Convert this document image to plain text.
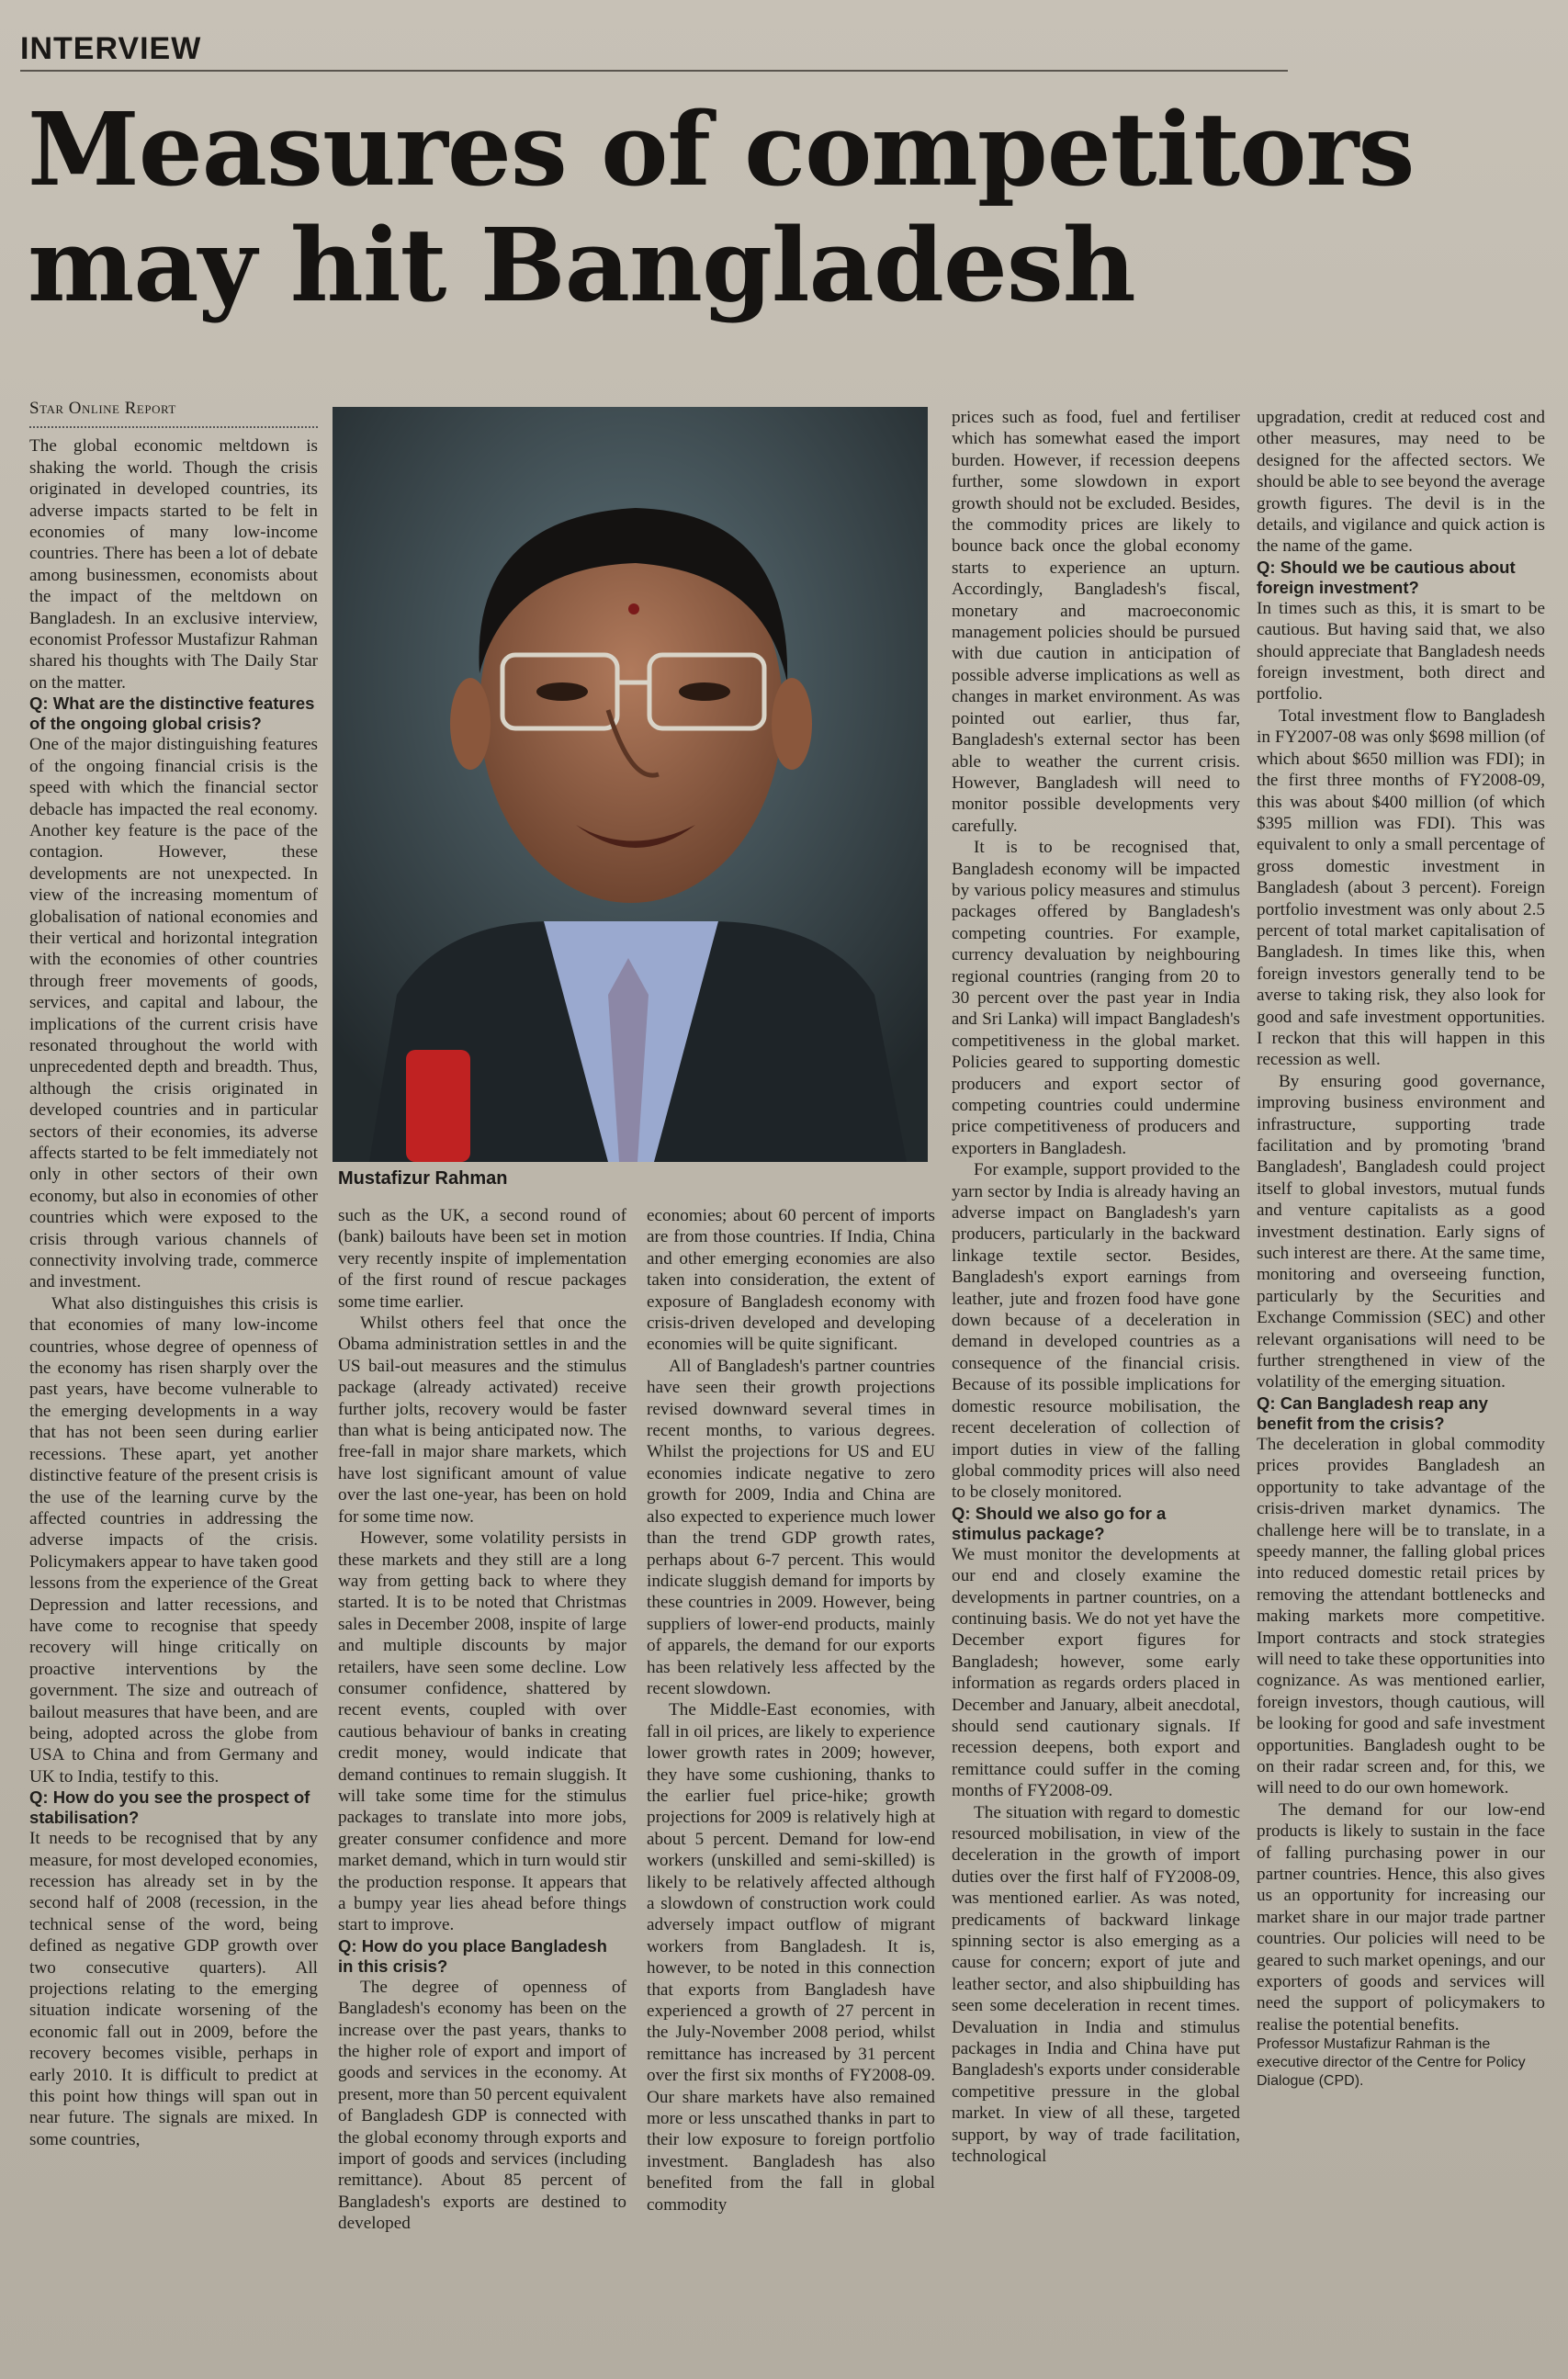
INTERVIEW
Measures of competitors
may hit Bangladesh
Star Online Report

The global economic meltdown is shaking the world. Though the crisis originated in developed countries, its adverse impacts started to be felt in economies of many low-income countries. There has been a lot of debate among businessmen, economists about the impact of the meltdown on Bangladesh. In an exclusive interview, economist Professor Mustafizur Rahman shared his thoughts with The Daily Star on the matter.

Q: What are the distinctive features of the ongoing global crisis?

One of the major distinguishing features of the ongoing financial crisis is the speed with which the financial sector debacle has impacted the real economy. Another key feature is the pace of the contagion. However, these developments are not unexpected. In view of the increasing momentum of globalisation of national economies and their vertical and horizontal integration with the economies of other countries through freer movements of goods, services, and capital and labour, the implications of the current crisis have resonated throughout the world with unprecedented depth and breadth. Thus, although the crisis originated in developed countries and in particular sectors of their economies, its adverse affects started to be felt immediately not only in other sectors of their own economy, but also in economies of other countries which were exposed to the crisis through various channels of connectivity involving trade, commerce and investment.

What also distinguishes this crisis is that economies of many low-income countries, whose degree of openness of the economy has risen sharply over the past years, have become vulnerable to the emerging developments in a way that has not been seen during earlier recessions. These apart, yet another distinctive feature of the present crisis is the use of the learning curve by the affected countries in addressing the adverse impacts of the crisis. Policymakers appear to have taken good lessons from the experience of the Great Depression and latter recessions, and have come to recognise that speedy recovery will hinge critically on proactive interventions by the government. The size and outreach of bailout measures that have been, and are being, adopted across the globe from USA to China and from Germany and UK to India, testify to this.

Q: How do you see the prospect of stabilisation?

It needs to be recognised that by any measure, for most developed economies, recession has already set in by the second half of 2008 (recession, in the technical sense of the word, being defined as negative GDP growth over two consecutive quarters). All projections relating to the emerging situation indicate worsening of the economic fall out in 2009, before the recovery becomes visible, perhaps in early 2010. It is difficult to predict at this point how things will span out in near future. The signals are mixed. In some countries,

Mustafizur Rahman

such as the UK, a second round of (bank) bailouts have been set in motion very recently inspite of implementation of the first round of rescue packages some time earlier.

Whilst others feel that once the Obama administration settles in and the US bail-out measures and the stimulus package (already activated) receive further jolts, recovery would be faster than what is being anticipated now. The free-fall in major share markets, which have lost significant amount of value over the last one-year, has been on hold for some time now.

However, some volatility persists in these markets and they still are a long way from getting back to where they started. It is to be noted that Christmas sales in December 2008, inspite of large and multiple discounts by major retailers, have seen some decline. Low consumer confidence, shattered by recent events, coupled with over cautious behaviour of banks in creating credit money, would indicate that demand continues to remain sluggish. It will take some time for the stimulus packages to translate into more jobs, greater consumer confidence and more market demand, which in turn would stir the production response. It appears that a bumpy year lies ahead before things start to improve.

Q: How do you place Bangladesh in this crisis?

The degree of openness of Bangladesh's economy has been on the increase over the past years, thanks to the higher role of export and import of goods and services in the economy. At present, more than 50 percent equivalent of Bangladesh GDP is connected with the global economy through exports and import of goods and services (including remittance). About 85 percent of Bangladesh's exports are destined to developed

economies; about 60 percent of imports are from those countries. If India, China and other emerging economies are also taken into consideration, the extent of exposure of Bangladesh economy with crisis-driven developed and developing economies will be quite significant.

All of Bangladesh's partner countries have seen their growth projections revised downward several times in recent months, to various degrees. Whilst the projections for US and EU economies indicate negative to zero growth for 2009, India and China are also expected to experience much lower than the trend GDP growth rates, perhaps about 6-7 percent. This would indicate sluggish demand for imports by these countries in 2009. However, being suppliers of lower-end products, mainly of apparels, the demand for our exports has been relatively less affected by the recent slowdown.

The Middle-East economies, with fall in oil prices, are likely to experience lower growth rates in 2009; however, they have some cushioning, thanks to the earlier fuel price-hike; growth projections for 2009 is relatively high at about 5 percent. Demand for low-end workers (unskilled and semi-skilled) is likely to be relatively affected although a slowdown of construction work could adversely impact outflow of migrant workers from Bangladesh. It is, however, to be noted in this connection that exports from Bangladesh have experienced a growth of 27 percent in the July-November 2008 period, whilst remittance has increased by 31 percent over the first six months of FY2008-09. Our share markets have also remained more or less unscathed thanks in part to their low exposure to foreign portfolio investment. Bangladesh has also benefited from the fall in global commodity

prices such as food, fuel and fertiliser which has somewhat eased the import burden. However, if recession deepens further, some slowdown in export growth should not be excluded. Besides, the commodity prices are likely to bounce back once the global economy starts to experience an upturn. Accordingly, Bangladesh's fiscal, monetary and macroeconomic management policies should be pursued with due caution in anticipation of possible adverse implications as well as changes in market environment. As was pointed out earlier, thus far, Bangladesh's external sector has been able to weather the current crisis. However, Bangladesh will need to monitor possible developments very carefully.

It is to be recognised that, Bangladesh economy will be impacted by various policy measures and stimulus packages offered by Bangladesh's competing countries. For example, currency devaluation by neighbouring regional countries (ranging from 20 to 30 percent over the past year in India and Sri Lanka) will impact Bangladesh's competitiveness in the global market. Policies geared to supporting domestic producers and export sector of competing countries could undermine price competitiveness of producers and exporters in Bangladesh.

For example, support provided to the yarn sector by India is already having an adverse impact on Bangladesh's yarn producers, particularly in the backward linkage textile sector. Besides, Bangladesh's export earnings from leather, jute and frozen food have gone down because of a deceleration in demand in developed countries as a consequence of the financial crisis. Because of its possible implications for domestic resource mobilisation, the recent deceleration of collection of import duties in view of the falling global commodity prices will also need to be closely monitored.

Q: Should we also go for a stimulus package?

We must monitor the developments at our end and closely examine the developments in partner countries, on a continuing basis. We do not yet have the December export figures for Bangladesh; however, some early information as regards orders placed in December and January, albeit anecdotal, should send cautionary signals. If recession deepens, both export and remittance could suffer in the coming months of FY2008-09.

The situation with regard to domestic resourced mobilisation, in view of the deceleration in the growth of import duties over the first half of FY2008-09, was mentioned earlier. As was noted, predicaments of backward linkage spinning sector is also emerging as a cause for concern; export of jute and leather sector, and also shipbuilding has seen some deceleration in recent times. Devaluation in India and stimulus packages in India and China have put Bangladesh's exports under considerable competitive pressure in the global market. In view of all these, targeted support, by way of trade facilitation, technological

upgradation, credit at reduced cost and other measures, may need to be designed for the affected sectors. We should be able to see beyond the average growth figures. The devil is in the details, and vigilance and quick action is the name of the game.

Q: Should we be cautious about foreign investment?

In times such as this, it is smart to be cautious. But having said that, we also should appreciate that Bangladesh needs foreign investment, both direct and portfolio.

Total investment flow to Bangladesh in FY2007-08 was only $698 million (of which about $650 million was FDI); in the first three months of FY2008-09, this was about $400 million (of which $395 million was FDI). This was equivalent to only a small percentage of gross domestic investment in Bangladesh (about 3 percent). Foreign portfolio investment was only about 2.5 percent of total market capitalisation of Bangladesh. In times like this, when foreign investors generally tend to be averse to taking risk, they also look for good and safe investment opportunities. I reckon that this will happen in this recession as well.

By ensuring good governance, improving business environment and infrastructure, supporting trade facilitation and by promoting 'brand Bangladesh', Bangladesh could project itself to global investors, mutual funds and venture capitalists as a good investment destination. Early signs of such interest are there. At the same time, monitoring and overseeing function, particularly by the Securities and Exchange Commission (SEC) and other relevant organisations will need to be further strengthened in view of the volatility of the emerging situation.

Q: Can Bangladesh reap any benefit from the crisis?

The deceleration in global commodity prices provides Bangladesh an opportunity to take advantage of the crisis-driven market dynamics. The challenge here will be to translate, in a speedy manner, the falling global prices into reduced domestic retail prices by removing the attendant bottlenecks and making markets more competitive. Import contracts and stock strategies will need to take these opportunities into cognizance. As was mentioned earlier, foreign investors, though cautious, will be looking for good and safe investment opportunities. Bangladesh ought to be on their radar screen and, for this, we will need to do our own homework.

The demand for our low-end products is likely to sustain in the face of falling purchasing power in our partner countries. Hence, this also gives us an opportunity for increasing our market share in our major trade partner countries. Our policies will need to be geared to such market openings, and our exporters of goods and services will need the support of policymakers to realise the potential benefits.

Professor Mustafizur Rahman is the executive director of the Centre for Policy Dialogue (CPD).
